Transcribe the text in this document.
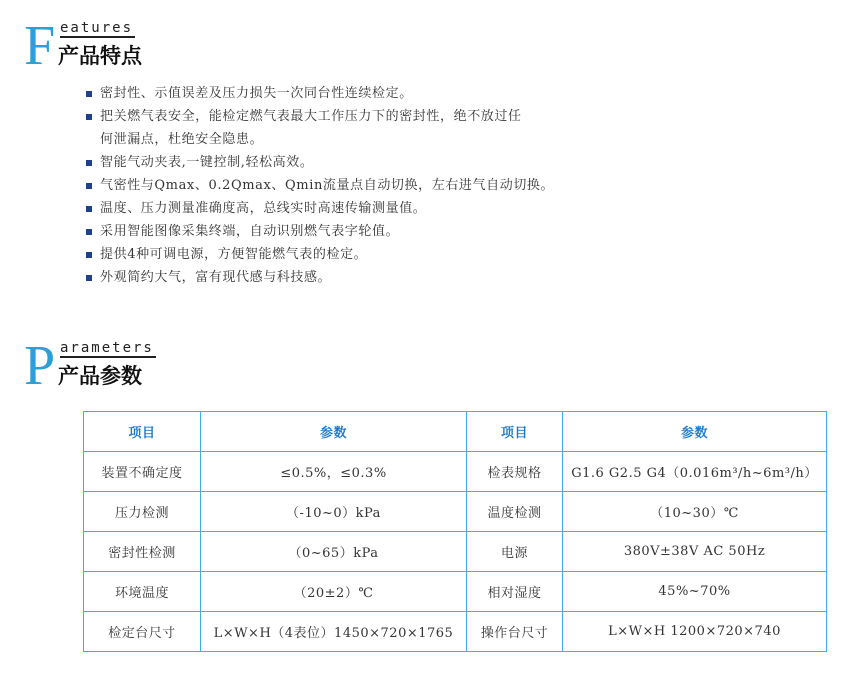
F eatures
产品特点
密封性、示值误差及压力损失一次同台性连续检定。
把关燃气表安全，能检定燃气表最大工作压力下的密封性，绝不放过任
何泄漏点，杜绝安全隐患。
智能气动夹表,一键控制,轻松高效。
气密性与Qmax、0.2Qmax、Qmin流量点自动切换，左右进气自动切换。
温度、压力测量准确度高，总线实时高速传输测量值。
采用智能图像采集终端，自动识别燃气表字轮值。
提供4种可调电源，方便智能燃气表的检定。
外观简约大气，富有现代感与科技感。
P arameters
产品参数
项目	参数	项目	参数
装置不确定度	≤0.5%，≤0.3%	检表规格	G1.6 G2.5 G4（0.016m³/h~6m³/h）
压力检测	（-10~0）kPa	温度检测	（10~30）℃
密封性检测	（0~65）kPa	电源	380V±38V AC 50Hz
环境温度	（20±2）℃	相对湿度	45%~70%
检定台尺寸	L×W×H（4表位）1450×720×1765	操作台尺寸	L×W×H 1200×720×740
